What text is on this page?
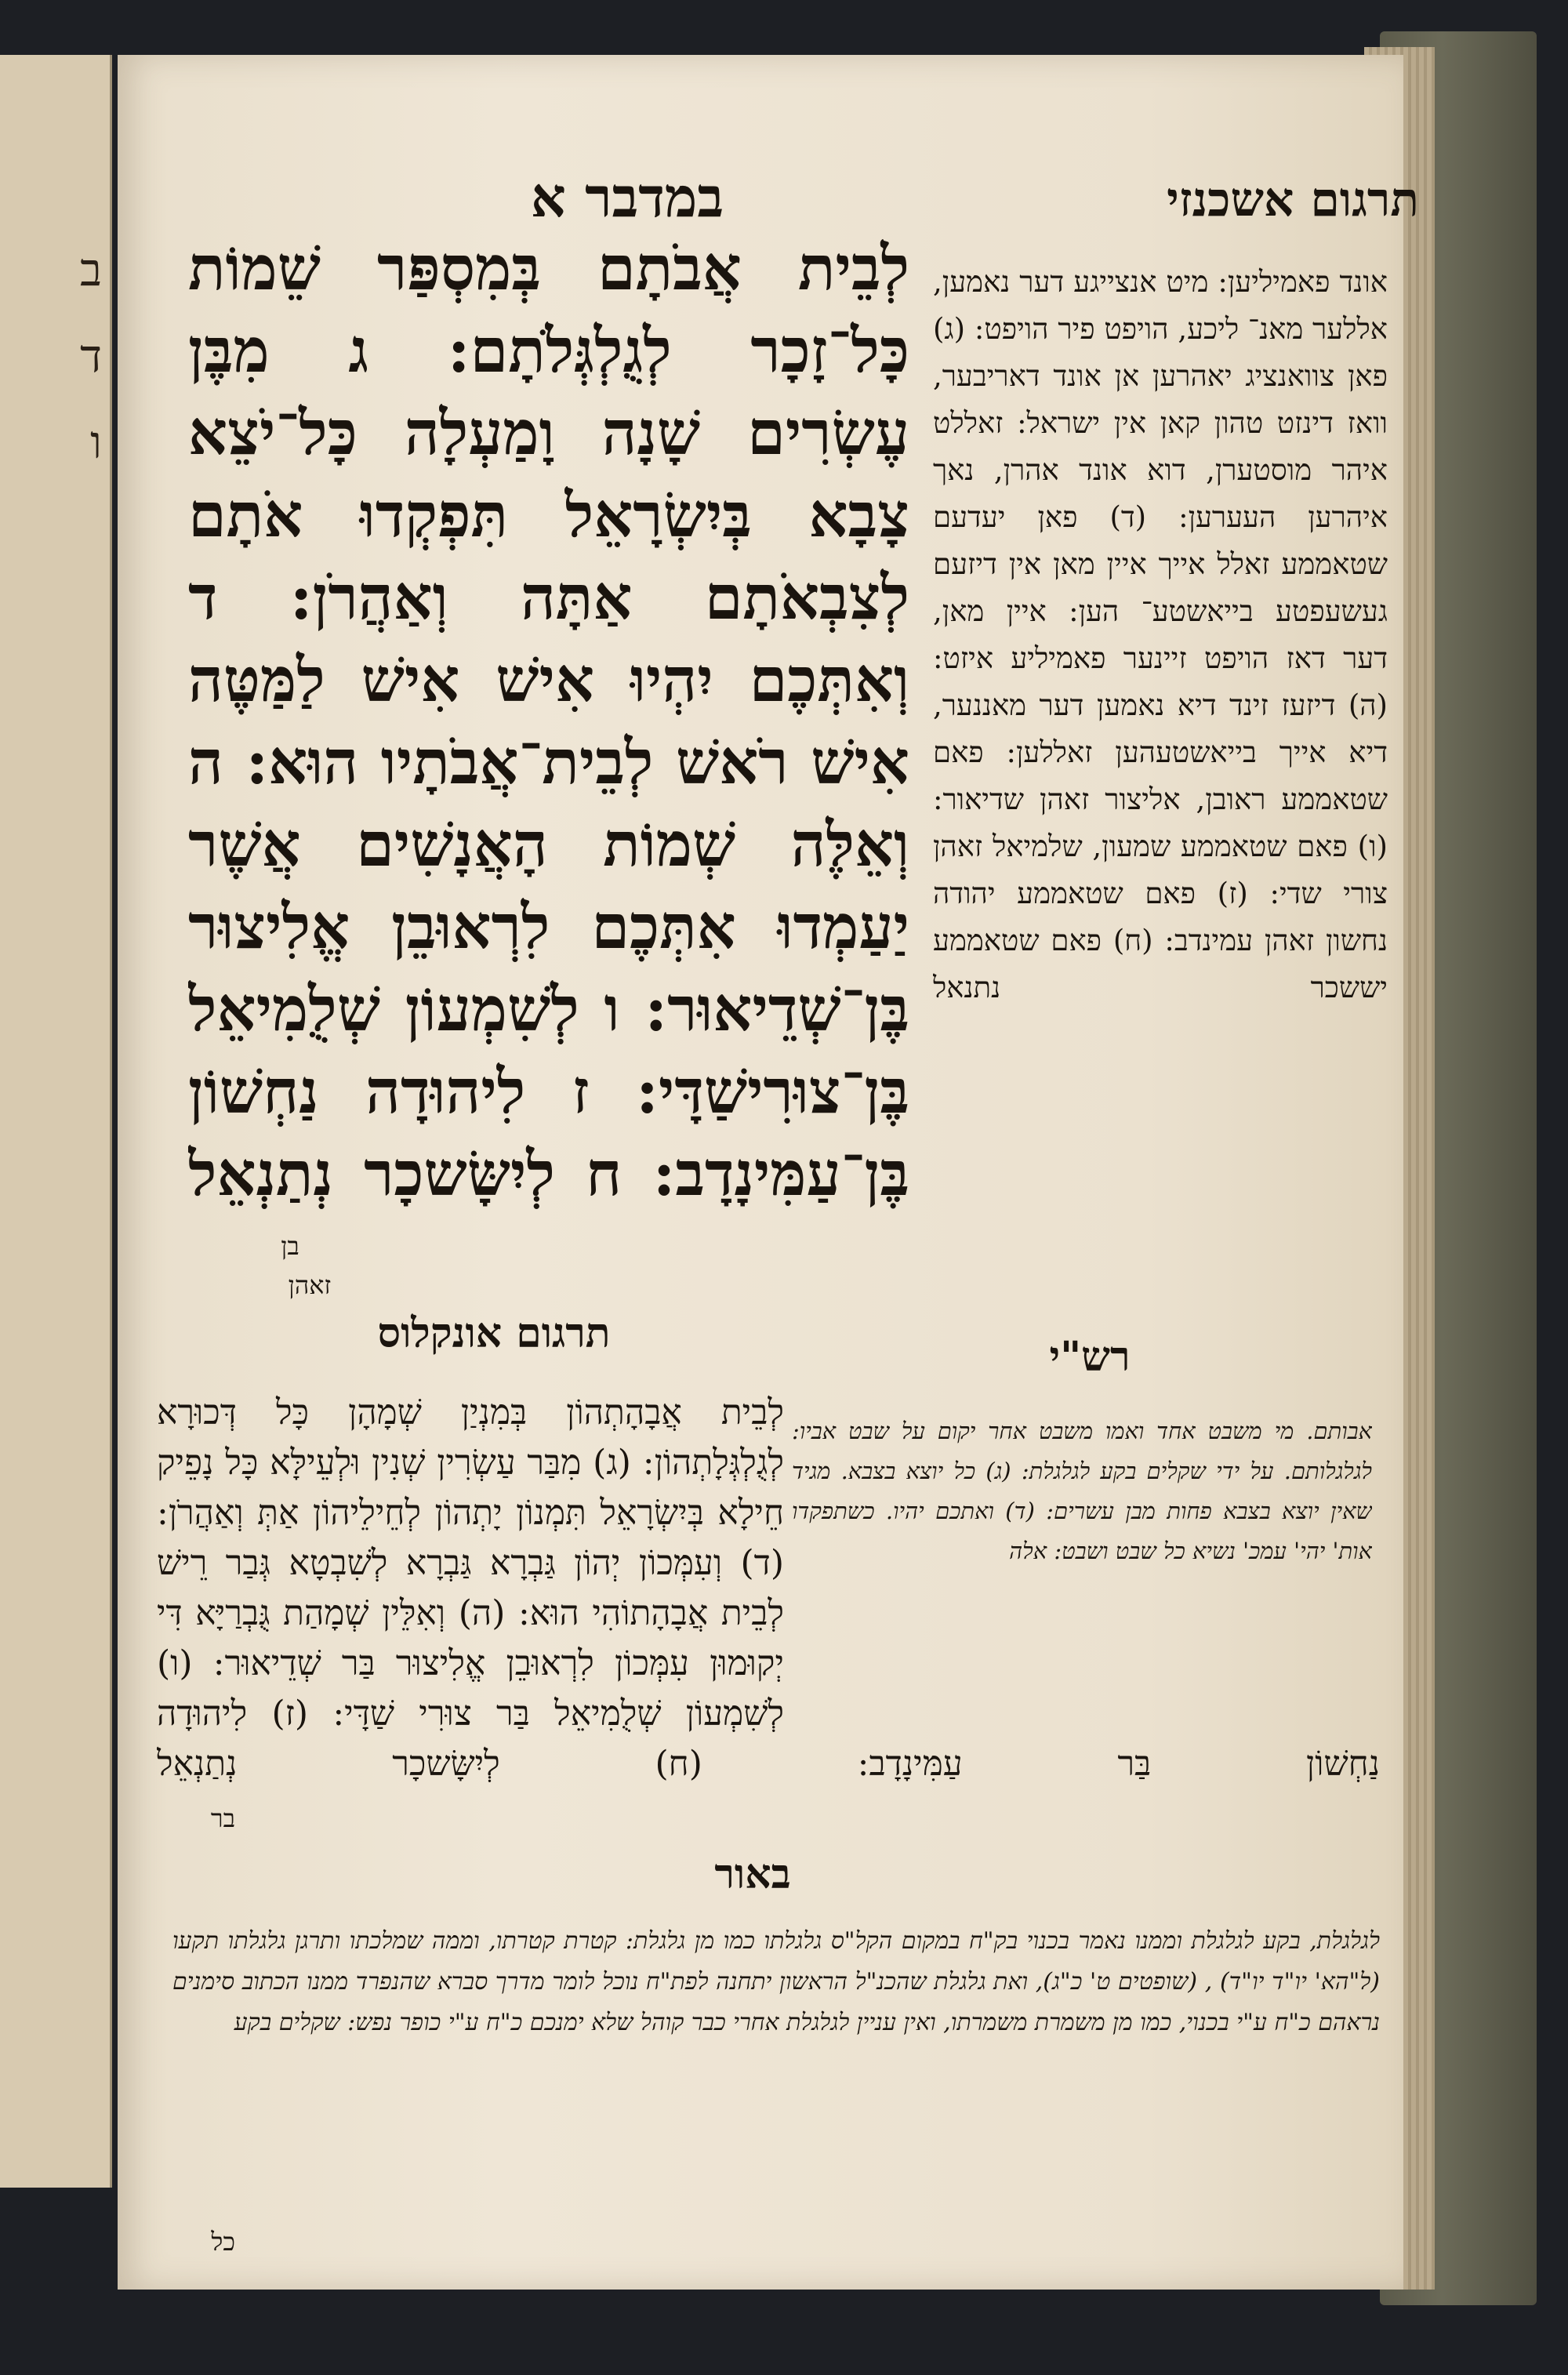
ב
ד
ו
תרגום אשכנזי
במדבר א
לְבֵית אֲבֹתָם בְּמִסְפַּר שֵׁמוֹת כָּל־זָכָר לְגֻלְגְּלֹתָם: ג מִבֶּן עֶשְׂרִים שָׁנָה וָמַעְלָה כָּל־יֹצֵא צָבָא בְּיִשְׂרָאֵל תִּפְקְדוּ אֹתָם לְצִבְאֹתָם אַתָּה וְאַהֲרֹן: ד וְאִתְּכֶם יִהְיוּ אִישׁ אִישׁ לַמַּטֶּה אִישׁ רֹאשׁ לְבֵית־אֲבֹתָיו הוּא: ה וְאֵלֶּה שְׁמוֹת הָאֲנָשִׁים אֲשֶׁר יַעַמְדוּ אִתְּכֶם לִרְאוּבֵן אֱלִיצוּר בֶּן־שְׁדֵיאוּר: ו לְשִׁמְעוֹן שְׁלֻמִיאֵל בֶּן־צוּרִישַׁדָּי: ז לִיהוּדָה נַחְשׁוֹן בֶּן־עַמִּינָדָב: ח לְיִשָּׂשכָר נְתַנְאֵל
בן
זאהן
אונד פאמיליען: מיט אנצייגע דער נאמען, אללער מאנ־ ליכע, הויפט פיר הויפט: (ג) פאן צוואנציג יאהרען אן אונד דאריבער, וואז דינזט טהון קאן אין ישראל: זאללט איהר מוסטערן, דוא אונד אהרן, נאך איהרען העערען: (ד) פאן יעדעם שטאממע זאלל אייך איין מאן אין דיזעם געשעפטע בייאשטע־ הען: איין מאן, דער דאז הויפט זיינער פאמיליע איזט: (ה) דיזעז זינד דיא נאמען דער מאננער, דיא אייך בייאשטעהען זאללען: פאם שטאממע ראובן, אליצור זאהן שדיאור: (ו) פאם שטאממע שמעון, שלמיאל זאהן צורי שדי: (ז) פאם שטאממע יהודה נחשון זאהן עמינדב: (ח) פאם שטאממע יששכר נתנאל
רש"י
תרגום אונקלוס
אבותם. מי משבט אחד ואמו משבט אחר יקום על שבט אביו: לגלגלותם. על ידי שקלים בקע לגלגלת: (ג) כל יוצא בצבא. מגיד שאין יוצא בצבא פחות מבן עשרים: (ד) ואתכם יהיו. כשתפקדו אות' יהי' עמכ' נשיא כל שבט ושבט: אלה
לְבֵית אֲבָהָתְהוֹן בְּמִנְיַן שְׁמָהָן כָּל דְּכוּרָא לְגֻלְגְּלָתְהוֹן: (ג) מִבַּר עַשְׂרִין שְׁנִין וּלְעֵילָּא כָּל נָפֵיק חֵילָא בְּיִשְׂרָאֵל תִּמְנוֹן יָתְהוֹן לְחֵילֵיהוֹן אַתְּ וְאַהֲרֹן: (ד) וְעִמְּכוֹן יְהוֹן גַּבְרָא גַּבְרָא לְשִׁבְטָא גְּבַר רֵישׁ לְבֵית אֲבָהָתוֹהִי הוּא: (ה) וְאִלֵּין שְׁמָהַת גֻּבְרַיָּא דִּי יְקוּמוּן עִמְּכוֹן לִרְאוּבֵן אֱלִיצוּר בַּר שְׁדֵיאוּר: (ו) לְשִׁמְעוֹן שְׁלֻמִיאֵל בַּר צוּרִי שַׁדָּי: (ז) לִיהוּדָה נַחְשׁוֹן בַּר עַמִּינָדָב: (ח) לְיִשָּׂשכָר נְתַנְאֵל
בר
באור
לגלגלת, בקע לגלגלת וממנו נאמר בכנוי בק"ח במקום הקל"ס גלגלתו כמו מן גלגלת: קטרת קטרתו, וממה שמלכתו ותרגן גלגלתו תקעו (ל"הא' יו"ד יו"ד) , (שופטים ט' כ"ג), ואת גלגלת שהכנ"ל הראשון יתחנה לפת"ח נוכל לומר מדרך סברא שהנפרד ממנו הכתוב סימנים נראהם כ"ח ע"י בכנוי, כמו מן משמרת משמרתו, ואין עניין לגלגלת אחרי כבר קוהל שלא ימנכם כ"ח ע"י כופר נפש: שקלים בקע
כל
